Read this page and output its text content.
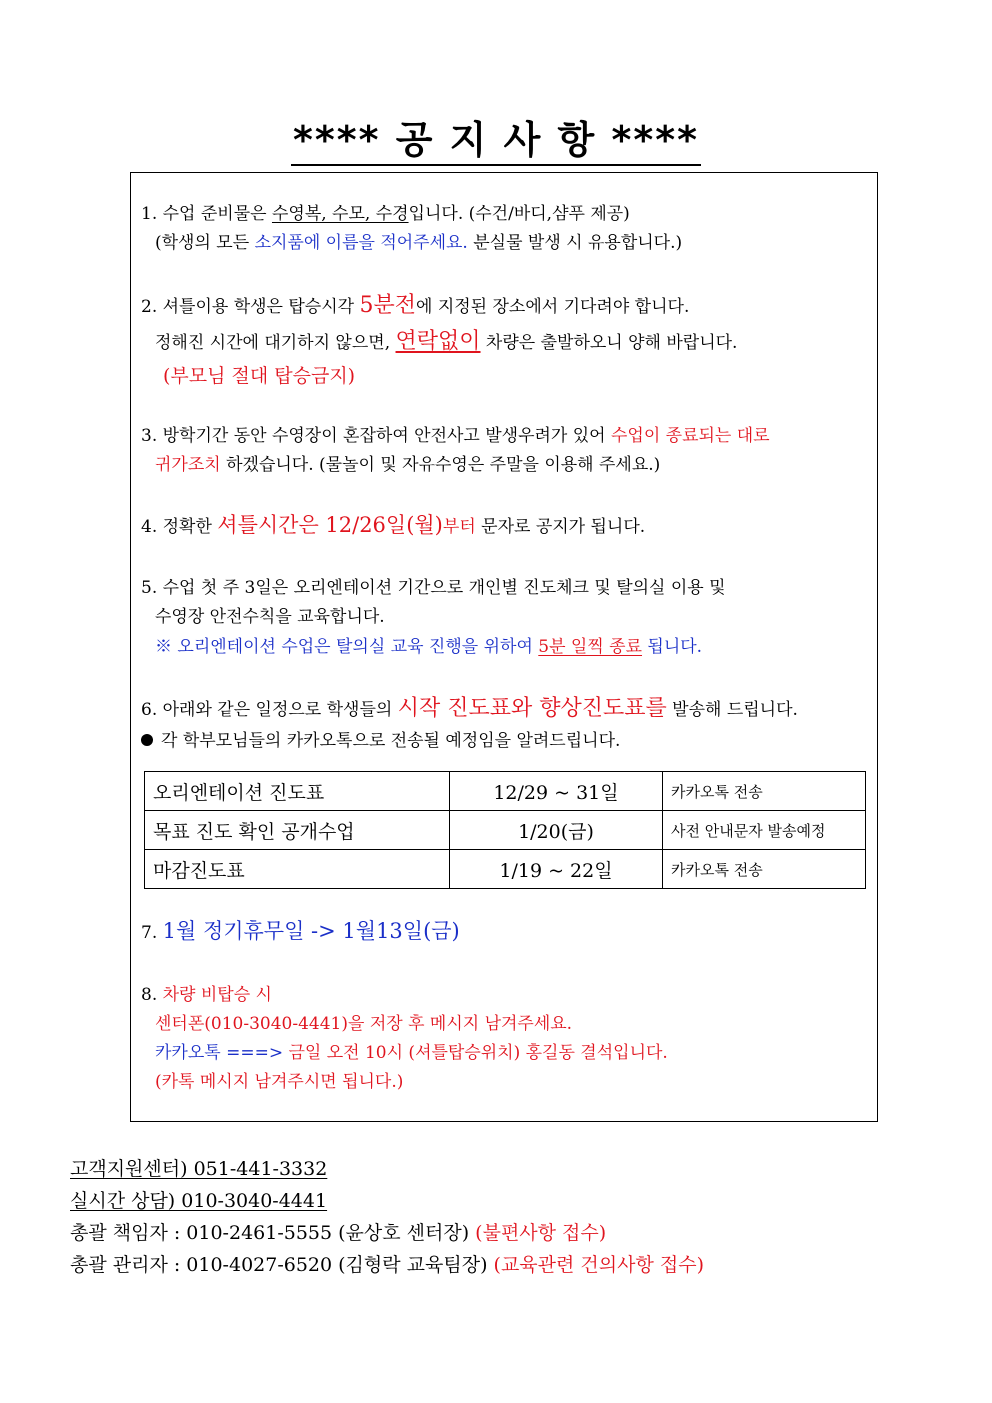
**** 공 지 사 항 ****
1. 수업 준비물은 수영복, 수모, 수경입니다. (수건/바디,샴푸 제공)
(학생의 모든 소지품에 이름을 적어주세요. 분실물 발생 시 유용합니다.)
2. 셔틀이용 학생은 탑승시각 5분전에 지정된 장소에서 기다려야 합니다.
정해진 시간에 대기하지 않으면, 연락없이 차량은 출발하오니 양해 바랍니다.
(부모님 절대 탑승금지)
3. 방학기간 동안 수영장이 혼잡하여 안전사고 발생우려가 있어 수업이 종료되는 대로
귀가조치 하겠습니다. (물놀이 및 자유수영은 주말을 이용해 주세요.)
4. 정확한 셔틀시간은 12/26일(월)부터 문자로 공지가 됩니다.
5. 수업 첫 주 3일은 오리엔테이션 기간으로 개인별 진도체크 및 탈의실 이용 및
수영장 안전수칙을 교육합니다.
※ 오리엔테이션 수업은 탈의실 교육 진행을 위하여 5분 일찍 종료 됩니다.
6. 아래와 같은 일정으로 학생들의 시작 진도표와 향상진도표를 발송해 드립니다.
각 학부모님들의 카카오톡으로 전송될 예정임을 알려드립니다.
오리엔테이션 진도표	12/29 ~ 31일	카카오톡 전송
목표 진도 확인 공개수업	1/20(금)	사전 안내문자 발송예정
마감진도표	1/19 ~ 22일	카카오톡 전송
7. 1월 정기휴무일 -> 1월13일(금)
8. 차량 비탑승 시
센터폰(010-3040-4441)을 저장 후 메시지 남겨주세요.
카카오톡 ===> 금일 오전 10시 (셔틀탑승위치) 홍길동 결석입니다.
(카톡 메시지 남겨주시면 됩니다.)
고객지원센터) 051-441-3332
실시간 상담) 010-3040-4441
총괄 책임자 : 010-2461-5555 (윤상호 센터장) (불편사항 접수)
총괄 관리자 : 010-4027-6520 (김형락 교육팀장) (교육관련 건의사항 접수)
